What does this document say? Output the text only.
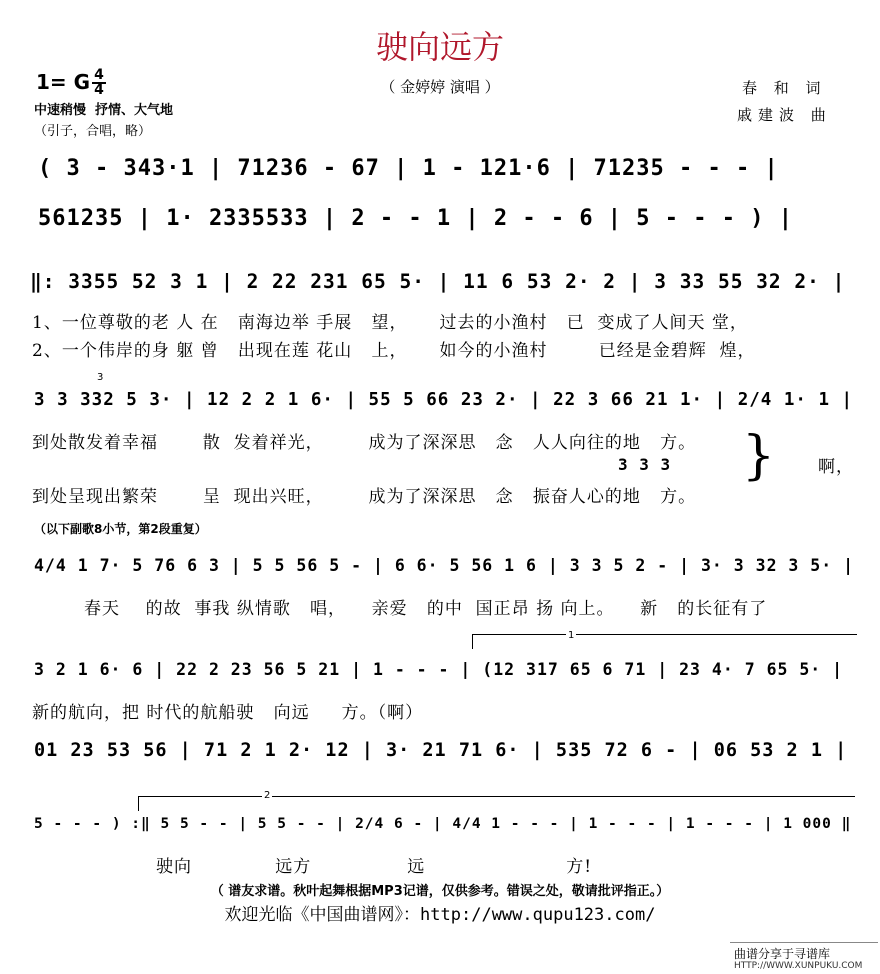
驶向远方
（ 金婷婷 演唱 ）	春 和 词
戚建波 曲
1= G $\frac{4}{4}$
中速稍慢  抒情、大气地
（引子，合唱，略）
( 3 - 343·1 | 71236 - 67 | 1 - 121·6 | 71235 - - - |
561235 | 1· 2335533 | 2 - - 1 | 2 - - 6 | 5 - - - ) |
‖: 3355 52 3 1 | 2 22 231 65 5· | 11 6 53 2· 2 | 3 33 55 32 2· |
1、一位尊敬的老 人 在   南海边举 手展   望，     过去的小渔村   已  变成了人间天 堂，
2、一个伟岸的身 躯 曾   出现在莲 花山   上，     如今的小渔村        已经是金碧辉  煌，
3
3 3 332 5 3· | 12 2 2 1 6· | 55 5 66 23 2· | 22 3 66 21 1· | 2/4 1· 1 |
到处散发着幸福       散  发着祥光，       成为了深深思   念   人人向往的地   方。
3 3 3
到处呈现出繁荣       呈  现出兴旺，       成为了深深思   念   振奋人心的地   方。
}	啊，
（以下副歌8小节，第2段重复）
4/4 1 7· 5 76 6 3 | 5 5 56 5 - | 6 6· 5 56 1 6 | 3 3 5 2 - | 3· 3 32 3 5· |
春天    的故  事我 纵情歌   唱，    亲爱   的中  国正昂 扬 向上。    新   的长征有了
1
3 2 1 6· 6 | 22 2 23 56 5 21 | 1 - - - | (12 317 65 6 71 | 23 4· 7 65 5· |
新的航向，把 时代的航船驶   向远     方。（啊）
01 23 53 56 | 71 2 1 2· 12 | 3· 21 71 6· | 535 72 6 - | 06 53 2 1 |
2
5 - - - ) :‖ 5 5 - - | 5 5 - - | 2/4 6 - | 4/4 1 - - - | 1 - - - | 1 - - - | 1 000 ‖
驶向             远方               远                      方!
（ 谱友求谱。秋叶起舞根据MP3记谱，仅供参考。错误之处，敬请批评指正。）
欢迎光临《中国曲谱网》：http://www.qupu123.com/
曲谱分享于寻谱库
HTTP://WWW.XUNPUKU.COM
